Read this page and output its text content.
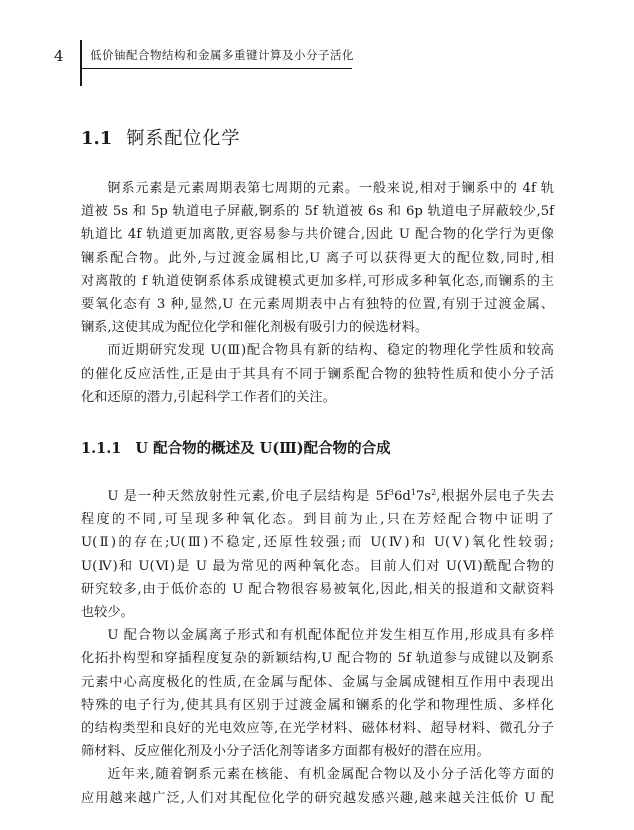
4 低价铀配合物结构和金属多重键计算及小分子活化
1.1 锕系配位化学

锕系元素是元素周期表第七周期的元素。一般来说,相对于镧系中的 4f 轨
道被 5s 和 5p 轨道电子屏蔽,锕系的 5f 轨道被 6s 和 6p 轨道电子屏蔽较少,5f
轨道比 4f 轨道更加离散,更容易参与共价键合,因此 U 配合物的化学行为更像
镧系配合物。此外,与过渡金属相比,U 离子可以获得更大的配位数,同时,相
对离散的 f 轨道使锕系体系成键模式更加多样,可形成多种氧化态,而镧系的主
要氧化态有 3 种,显然,U 在元素周期表中占有独特的位置,有别于过渡金属、
镧系,这使其成为配位化学和催化剂极有吸引力的候选材料。

而近期研究发现 U(Ⅲ)配合物具有新的结构、稳定的物理化学性质和较高
的催化反应活性,正是由于其具有不同于镧系配合物的独特性质和使小分子活
化和还原的潜力,引起科学工作者们的关注。

1.1.1 U 配合物的概述及 U(Ⅲ)配合物的合成

U 是一种天然放射性元素,价电子层结构是 $5f^36d^17s^2$,根据外层电子失去
程度的不同,可呈现多种氧化态。到目前为止,只在芳烃配合物中证明了
U(Ⅱ)的存在;U(Ⅲ)不稳定,还原性较强;而 U(Ⅳ)和 U(Ⅴ)氧化性较弱;
U(Ⅳ)和 U(Ⅵ)是 U 最为常见的两种氧化态。目前人们对 U(Ⅵ)酰配合物的
研究较多,由于低价态的 U 配合物很容易被氧化,因此,相关的报道和文献资料
也较少。

U 配合物以金属离子形式和有机配体配位并发生相互作用,形成具有多样
化拓扑构型和穿插程度复杂的新颖结构,U 配合物的 5f 轨道参与成键以及锕系
元素中心高度极化的性质,在金属与配体、金属与金属成键相互作用中表现出
特殊的电子行为,使其具有区别于过渡金属和镧系的化学和物理性质、多样化
的结构类型和良好的光电效应等,在光学材料、磁体材料、超导材料、微孔分子
筛材料、反应催化剂及小分子活化剂等诸多方面都有极好的潜在应用。

近年来,随着锕系元素在核能、有机金属配合物以及小分子活化等方面的
应用越来越广泛,人们对其配位化学的研究越发感兴趣,越来越关注低价 U 配
